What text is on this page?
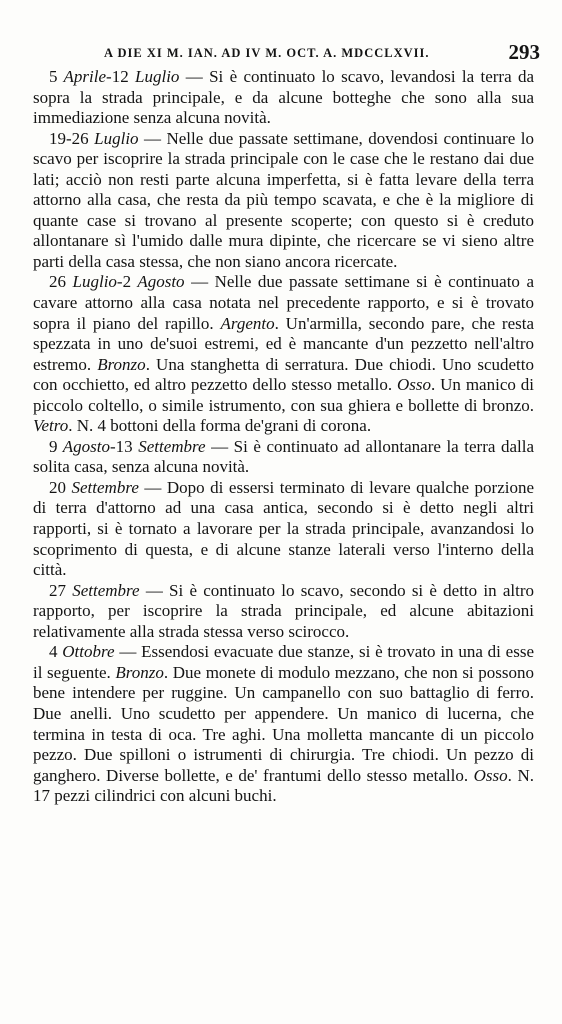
A DIE XI M. IAN. AD IV M. OCT. A. MDCCLXVII.	293

5 Aprile-12 Luglio — Si è continuato lo scavo, levandosi la terra da sopra la strada principale, e da alcune botteghe che sono alla sua immediazione senza alcuna novità.

19-26 Luglio — Nelle due passate settimane, dovendosi continuare lo scavo per iscoprire la strada principale con le case che le restano dai due lati; acciò non resti parte alcuna imperfetta, si è fatta levare della terra attorno alla casa, che resta da più tempo scavata, e che è la migliore di quante case si trovano al presente scoperte; con questo si è creduto allontanare sì l'umido dalle mura dipinte, che ricercare se vi sieno altre parti della casa stessa, che non siano ancora ricercate.

26 Luglio-2 Agosto — Nelle due passate settimane si è continuato a cavare attorno alla casa notata nel precedente rapporto, e si è trovato sopra il piano del rapillo. Argento. Un'armilla, secondo pare, che resta spezzata in uno de'suoi estremi, ed è mancante d'un pezzetto nell'altro estremo. Bronzo. Una stanghetta di serratura. Due chiodi. Uno scudetto con occhietto, ed altro pezzetto dello stesso metallo. Osso. Un manico di piccolo coltello, o simile istrumento, con sua ghiera e bollette di bronzo. Vetro. N. 4 bottoni della forma de'grani di corona.

9 Agosto-13 Settembre — Si è continuato ad allontanare la terra dalla solita casa, senza alcuna novità.

20 Settembre — Dopo di essersi terminato di levare qualche porzione di terra d'attorno ad una casa antica, secondo si è detto negli altri rapporti, si è tornato a lavorare per la strada principale, avanzandosi lo scoprimento di questa, e di alcune stanze laterali verso l'interno della città.

27 Settembre — Si è continuato lo scavo, secondo si è detto in altro rapporto, per iscoprire la strada principale, ed alcune abitazioni relativamente alla strada stessa verso scirocco.

4 Ottobre — Essendosi evacuate due stanze, si è trovato in una di esse il seguente. Bronzo. Due monete di modulo mezzano, che non si possono bene intendere per ruggine. Un campanello con suo battaglio di ferro. Due anelli. Uno scudetto per appendere. Un manico di lucerna, che termina in testa di oca. Tre aghi. Una molletta mancante di un piccolo pezzo. Due spilloni o istrumenti di chirurgia. Tre chiodi. Un pezzo di ganghero. Diverse bollette, e de' frantumi dello stesso metallo. Osso. N. 17 pezzi cilindrici con alcuni buchi.
